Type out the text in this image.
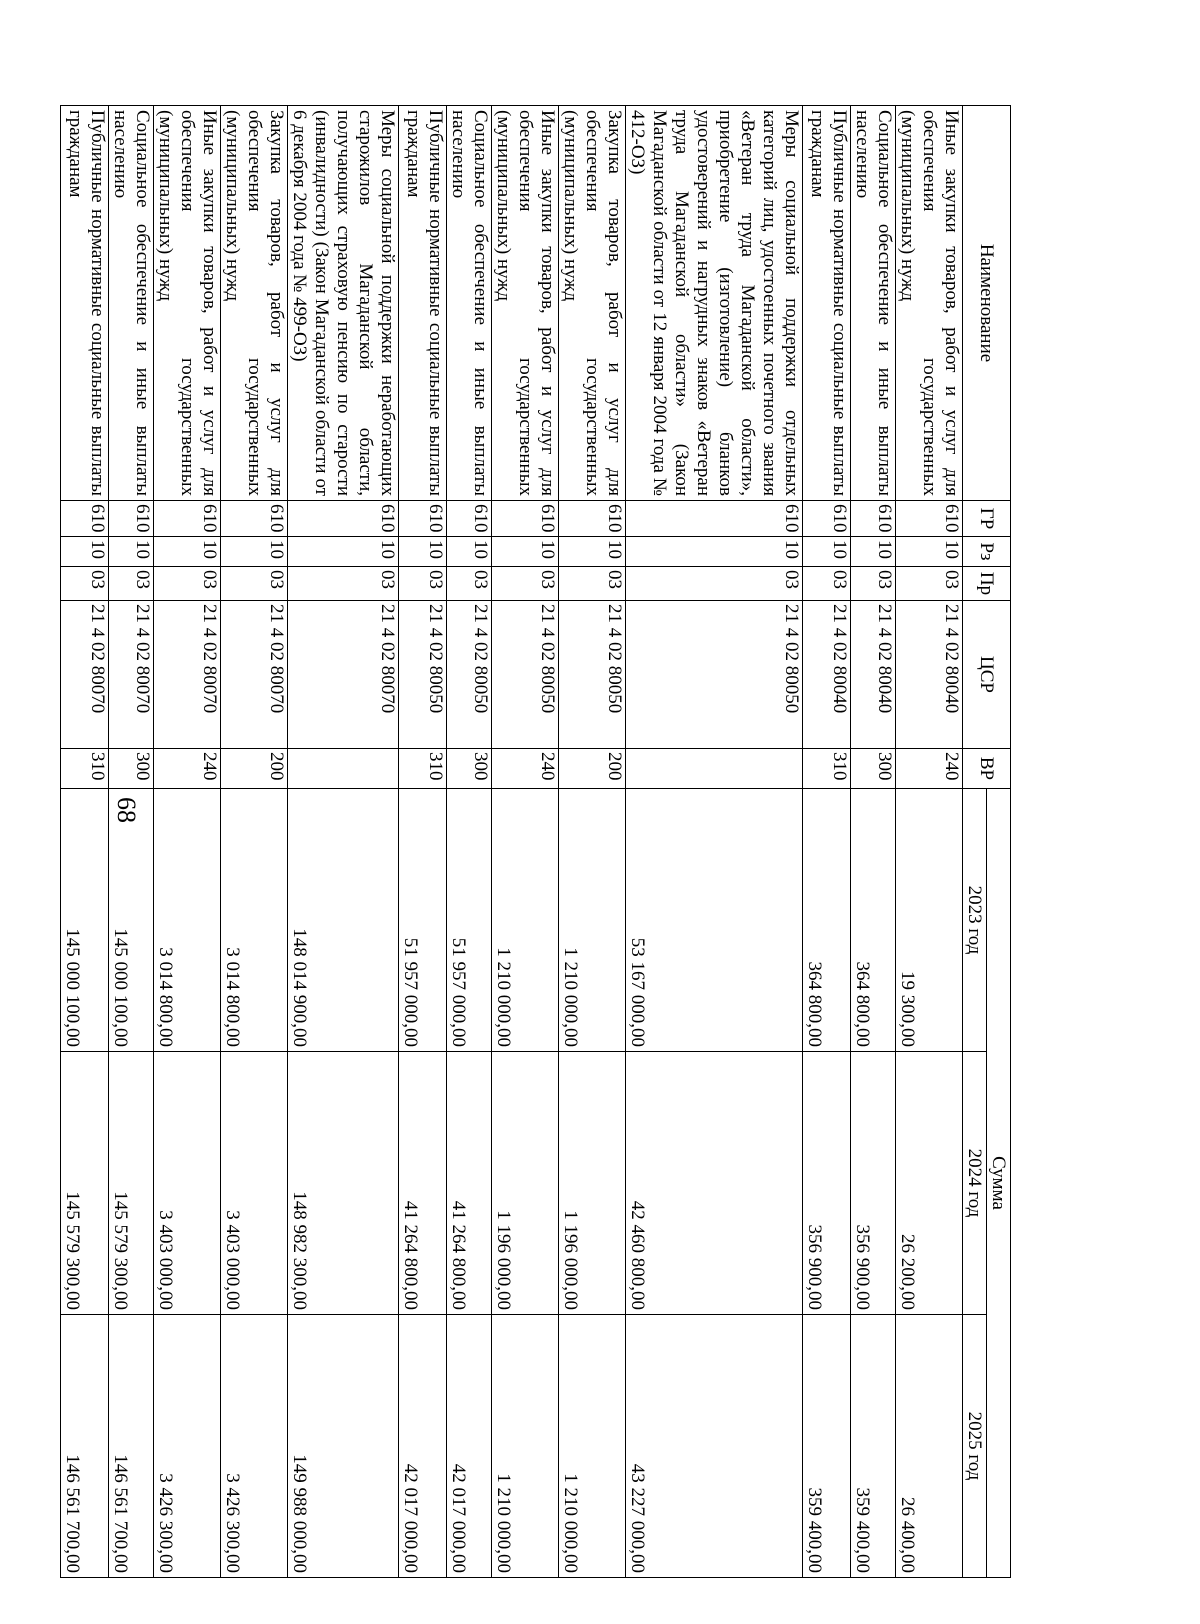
68
Наименование	ГР	Рз	Пр	ЦСР	ВР	Сумма		
						2023 год	2024 год	2025 год
Иные закупки товаров, работ и услуг для обеспечения государственных (муниципальных) нужд	610	10	03	21 4 02 80040	240	19 300,00	26 200,00	26 400,00
Социальное обеспечение и иные выплаты населению	610	10	03	21 4 02 80040	300	364 800,00	356 900,00	359 400,00
Публичные нормативные социальные выплаты гражданам	610	10	03	21 4 02 80040	310	364 800,00	356 900,00	359 400,00
Меры социальной поддержки отдельных категорий лиц, удостоенных почетного звания «Ветеран труда Магаданской области», приобретение (изготовление) бланков удостоверений и нагрудных знаков «Ветеран труда Магаданской области» (Закон Магаданской области от 12 января 2004 года № 412-ОЗ)	610	10	03	21 4 02 80050		53 167 000,00	42 460 800,00	43 227 000,00
Закупка товаров, работ и услуг для обеспечения государственных (муниципальных) нужд	610	10	03	21 4 02 80050	200	1 210 000,00	1 196 000,00	1 210 000,00
Иные закупки товаров, работ и услуг для обеспечения государственных (муниципальных) нужд	610	10	03	21 4 02 80050	240	1 210 000,00	1 196 000,00	1 210 000,00
Социальное обеспечение и иные выплаты населению	610	10	03	21 4 02 80050	300	51 957 000,00	41 264 800,00	42 017 000,00
Публичные нормативные социальные выплаты гражданам	610	10	03	21 4 02 80050	310	51 957 000,00	41 264 800,00	42 017 000,00
Меры социальной поддержки неработающих старожилов Магаданской области, получающих страховую пенсию по старости (инвалидности) (Закон Магаданской области от 6 декабря 2004 года № 499-ОЗ)	610	10	03	21 4 02 80070		148 014 900,00	148 982 300,00	149 988 000,00
Закупка товаров, работ и услуг для обеспечения государственных (муниципальных) нужд	610	10	03	21 4 02 80070	200	3 014 800,00	3 403 000,00	3 426 300,00
Иные закупки товаров, работ и услуг для обеспечения государственных (муниципальных) нужд	610	10	03	21 4 02 80070	240	3 014 800,00	3 403 000,00	3 426 300,00
Социальное обеспечение и иные выплаты населению	610	10	03	21 4 02 80070	300	145 000 100,00	145 579 300,00	146 561 700,00
Публичные нормативные социальные выплаты гражданам	610	10	03	21 4 02 80070	310	145 000 100,00	145 579 300,00	146 561 700,00
